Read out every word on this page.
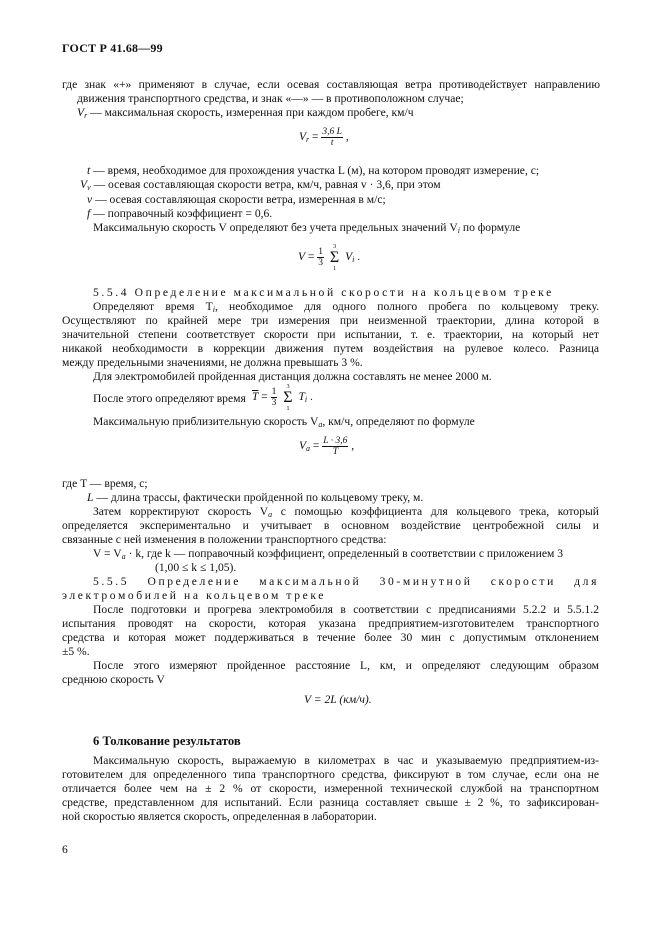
ГОСТ Р 41.68—99
где знак «+» применяют в случае, если осевая составляющая ветра противодействует направлению
движения транспортного средства, и знак «—» — в противоположном случае;
$V_r$ — максимальная скорость, измеренная при каждом пробеге, км/ч
$V_r = \frac{3,6 L}{t}$ ,
t — время, необходимое для прохождения участка L (м), на котором проводят измерение, с;
$V_v$ — осевая составляющая скорости ветра, км/ч, равная v · 3,6, при этом
v — осевая составляющая скорости ветра, измеренная в м/с;
f — поправочный коэффициент = 0,6.
Максимальную скорость V определяют без учета предельных значений $V_i$ по формуле
$V = \frac{1}{3}$

3
Σ
1
$V_i$ .
5.5.4 Определение максимальной скорости на кольцевом треке
Определяют время $T_i$, необходимое для одного полного пробега по кольцевому треку.
Осуществляют по крайней мере три измерения при неизменной траектории, длина которой в
значительной степени соответствует скорости при испытании, т. е. траектории, на который нет
никакой необходимости в коррекции движения путем воздействия на рулевое колесо. Разница
между предельными значениями, не должна превышать 3 %.
Для электромобилей пройденная дистанция должна составлять не менее 2000 м.
После этого определяют время $\overline{T} = \frac{1}{3}$

3
Σ
1
$T_i$ .
Максимальную приблизительную скорость $V_a$, км/ч, определяют по формуле
$V_a = \frac{L \cdot 3,6}{T}$ ,
где T — время, с;
L — длина трассы, фактически пройденной по кольцевому треку, м.
Затем корректируют скорость $V_a$ с помощью коэффициента для кольцевого трека, который
определяется экспериментально и учитывает в основном воздействие центробежной силы и
связанные с ней изменения в положении транспортного средства:
$V = V_a \cdot k$, где k — поправочный коэффициент, определенный в соответствии с приложением 3
(1,00 ≤ k ≤ 1,05).
5.5.5 Определение максимальной 30-минутной скорости для
электромобилей на кольцевом треке
После подготовки и прогрева электромобиля в соответствии с предписаниями 5.2.2 и 5.5.1.2
испытания проводят на скорости, которая указана предприятием-изготовителем транспортного
средства и которая может поддерживаться в течение более 30 мин с допустимым отклонением
±5 %.
После этого измеряют пройденное расстояние L, км, и определяют следующим образом
среднюю скорость V
V = 2L (км/ч).
6 Толкование результатов
Максимальную скорость, выражаемую в километрах в час и указываемую предприятием-из-
готовителем для определенного типа транспортного средства, фиксируют в том случае, если она не
отличается более чем на ± 2 % от скорости, измеренной технической службой на транспортном
средстве, представленном для испытаний. Если разница составляет свыше ± 2 %, то зафиксирован-
ной скоростью является скорость, определенная в лаборатории.
6
